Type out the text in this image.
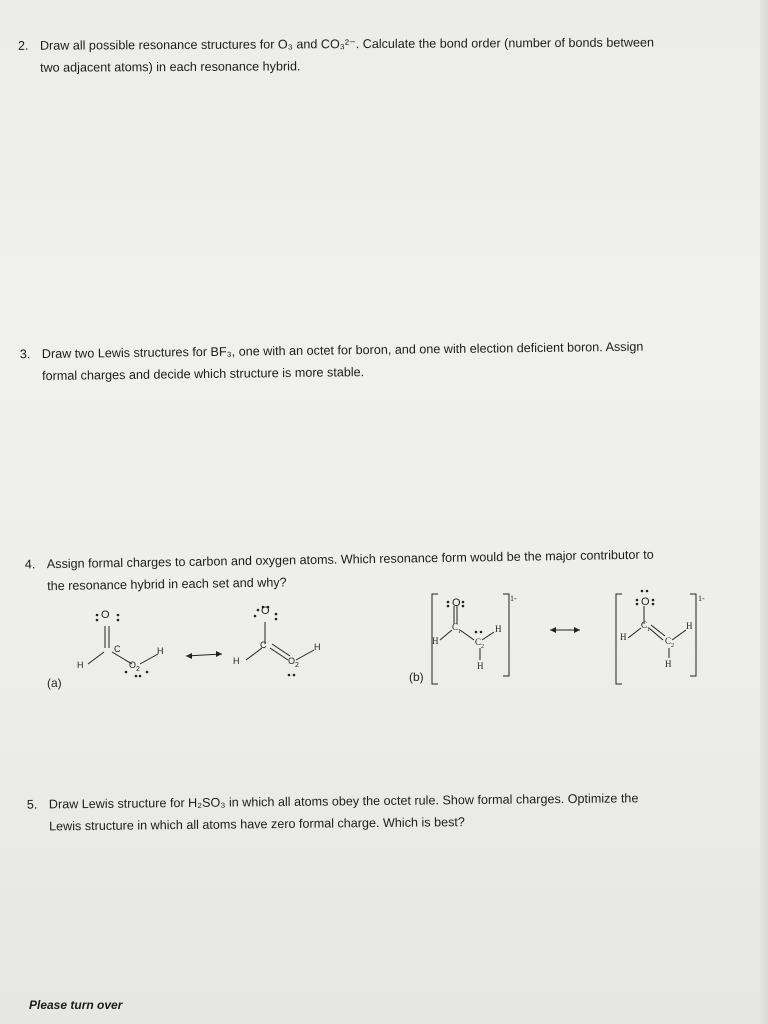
2. Draw all possible resonance structures for O₃ and CO₃²⁻. Calculate the bond order (number of bonds between
two adjacent atoms) in each resonance hybrid.
3. Draw two Lewis structures for BF₃, one with an octet for boron, and one with election deficient boron. Assign
formal charges and decide which structure is more stable.
4. Assign formal charges to carbon and oxygen atoms. Which resonance form would be the major contributor to
the resonance hybrid in each set and why?
O
C
H
H
$O_2$
(a)
O
C
H
H
$O_2$
(b)
O
$C_1$
$C_2$
H
H
H
1-	O
$C_1$
$C_2$
H
H
H
1-
5. Draw Lewis structure for H₂SO₃ in which all atoms obey the octet rule. Show formal charges. Optimize the
Lewis structure in which all atoms have zero formal charge. Which is best?
Please turn over
